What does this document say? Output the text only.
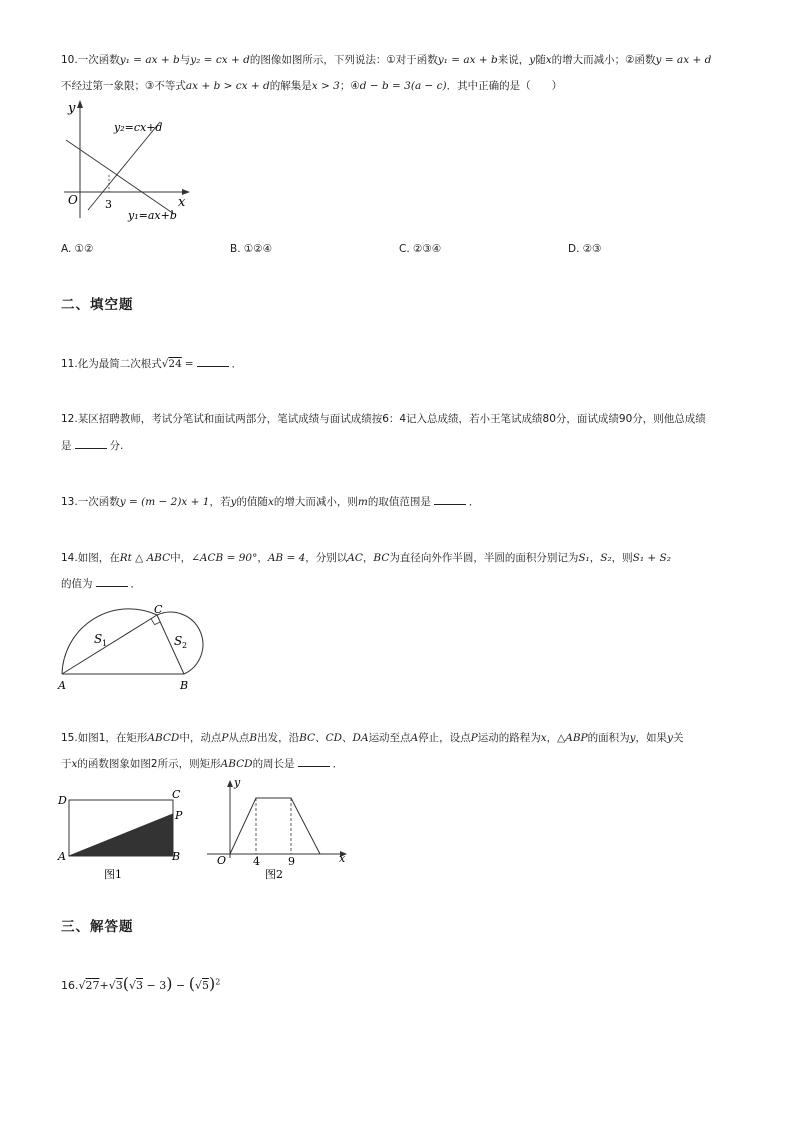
10.一次函数y₁ = ax + b与y₂ = cx + d的图像如图所示，下列说法：①对于函数y₁ = ax + b来说，y随x的增大而减小；②函数y = ax + d
不经过第一象限；③不等式ax + b > cx + d的解集是x > 3；④d − b = 3(a − c)．其中正确的是（　　）
y
x
O 3
y₂=cx+d
y₁=ax+b
A. ①②	B. ①②④	C. ②③④	D. ②③
二、填空题
11.化为最简二次根式√24 =	．
12.某区招聘教师，考试分笔试和面试两部分，笔试成绩与面试成绩按6：4记入总成绩，若小王笔试成绩80分，面试成绩90分，则他总成绩
是	分.
13.一次函数y = (m − 2)x + 1，若y的值随x的增大而减小，则m的取值范围是	．
14.如图，在Rt △ ABC中，∠ACB = 90°，AB = 4，分别以AC，BC为直径向外作半圆，半圆的面积分别记为S₁，S₂，则S₁ + S₂
的值为	．
A	B
C
S 1	S 2
15.如图1，在矩形ABCD中，动点P从点B出发，沿BC、CD、DA运动至点A停止，设点P运动的路程为x，△ABP的面积为y，如果y关
于x的函数图象如图2所示，则矩形ABCD的周长是	．
D	C
P
A	B
图1
y
x
O 4	9
图2
三、解答题
$16.√27+√3(√3 - 3) - (√5)^2$
